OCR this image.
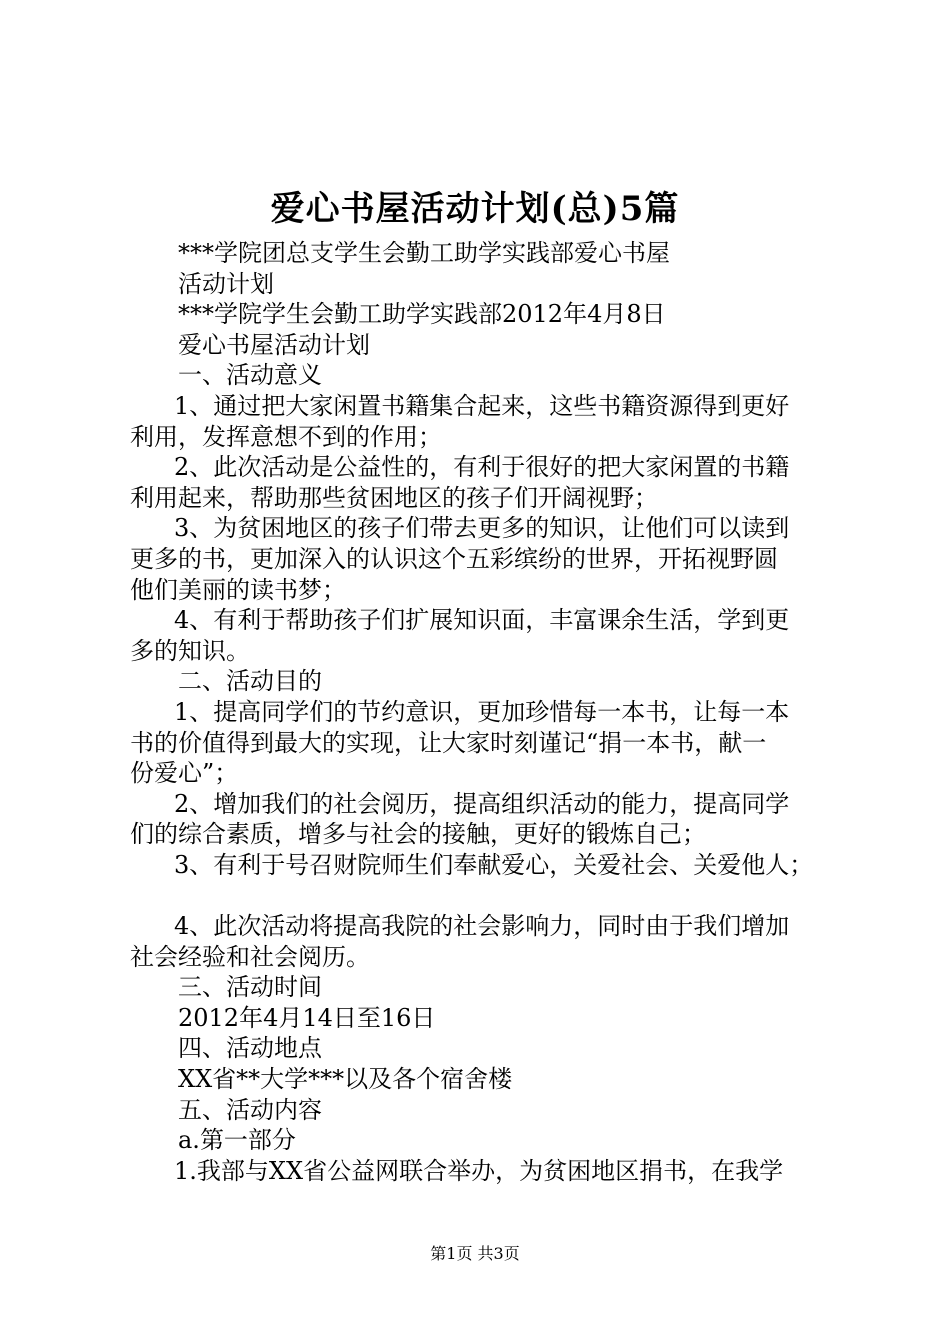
爱心书屋活动计划(总)5篇
***学院团总支学生会勤工助学实践部爱心书屋
活动计划
***学院学生会勤工助学实践部2012年4月8日
爱心书屋活动计划
一、活动意义
1、通过把大家闲置书籍集合起来，这些书籍资源得到更好
利用，发挥意想不到的作用；
2、此次活动是公益性的，有利于很好的把大家闲置的书籍
利用起来，帮助那些贫困地区的孩子们开阔视野；
3、为贫困地区的孩子们带去更多的知识，让他们可以读到
更多的书，更加深入的认识这个五彩缤纷的世界，开拓视野圆
他们美丽的读书梦；
4、有利于帮助孩子们扩展知识面，丰富课余生活，学到更
多的知识。
二、活动目的
1、提高同学们的节约意识，更加珍惜每一本书，让每一本
书的价值得到最大的实现，让大家时刻谨记“捐一本书，献一
份爱心”；
2、增加我们的社会阅历，提高组织活动的能力，提高同学
们的综合素质，增多与社会的接触，更好的锻炼自己；
3、有利于号召财院师生们奉献爱心，关爱社会、关爱他人；
4、此次活动将提高我院的社会影响力，同时由于我们增加
社会经验和社会阅历。
三、活动时间
2012年4月14日至16日
四、活动地点
XX省**大学***以及各个宿舍楼
五、活动内容
a.第一部分
1.我部与XX省公益网联合举办，为贫困地区捐书，在我学
第1页 共3页
